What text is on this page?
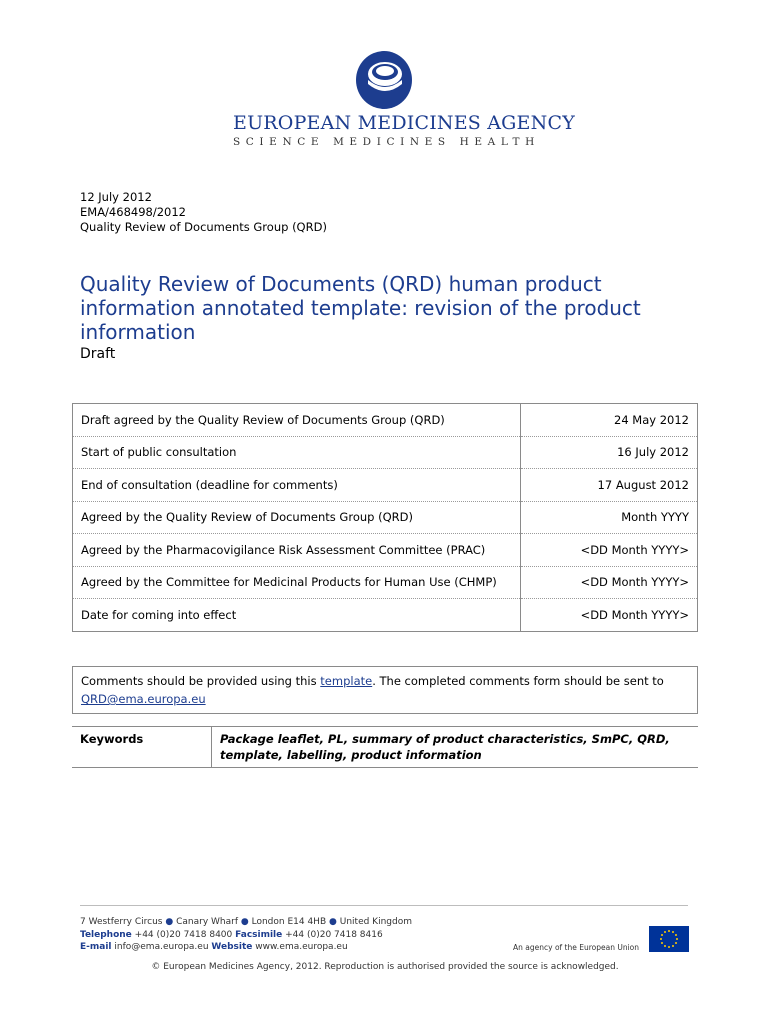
EUROPEAN MEDICINES AGENCY
SCIENCE MEDICINES HEALTH
12 July 2012
EMA/468498/2012
Quality Review of Documents Group (QRD)
Quality Review of Documents (QRD) human product information annotated template: revision of the product information
Draft
Draft agreed by the Quality Review of Documents Group (QRD)	24 May 2012
Start of public consultation	16 July 2012
End of consultation (deadline for comments)	17 August 2012
Agreed by the Quality Review of Documents Group (QRD)	Month YYYY
Agreed by the Pharmacovigilance Risk Assessment Committee (PRAC)	<DD Month YYYY>
Agreed by the Committee for Medicinal Products for Human Use (CHMP)	<DD Month YYYY>
Date for coming into effect	<DD Month YYYY>
Comments should be provided using this template. The completed comments form should be sent to
QRD@ema.europa.eu
Keywords	Package leaflet, PL, summary of product characteristics, SmPC, QRD, template, labelling, product information
7 Westferry Circus ● Canary Wharf ● London E14 4HB ● United Kingdom
Telephone +44 (0)20 7418 8400 Facsimile +44 (0)20 7418 8416
E-mail info@ema.europa.eu Website www.ema.europa.eu	An agency of the European Union
© European Medicines Agency, 2012. Reproduction is authorised provided the source is acknowledged.
